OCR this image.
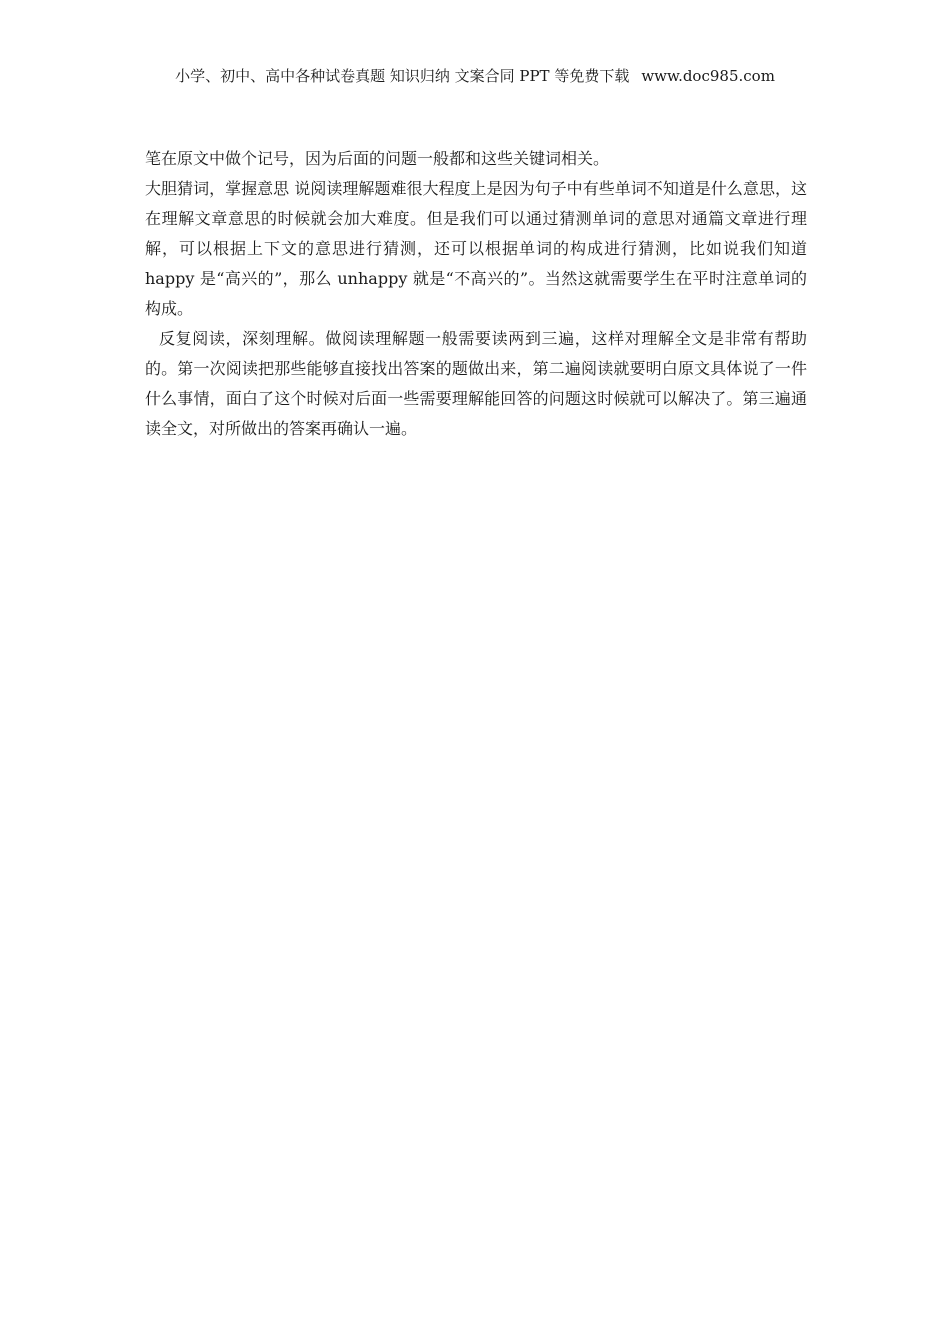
小学、初中、高中各种试卷真题 知识归纳 文案合同 PPT 等免费下载 www.doc985.com

笔在原文中做个记号，因为后面的问题一般都和这些关键词相关。

大胆猜词，掌握意思 说阅读理解题难很大程度上是因为句子中有些单词不知道是什么意思，这在理解文章意思的时候就会加大难度。但是我们可以通过猜测单词的意思对通篇文章进行理解，可以根据上下文的意思进行猜测，还可以根据单词的构成进行猜测，比如说我们知道 happy 是“高兴的”，那么 unhappy 就是“不高兴的”。当然这就需要学生在平时注意单词的构成。

反复阅读，深刻理解。做阅读理解题一般需要读两到三遍，这样对理解全文是非常有帮助的。第一次阅读把那些能够直接找出答案的题做出来，第二遍阅读就要明白原文具体说了一件什么事情，面白了这个时候对后面一些需要理解能回答的问题这时候就可以解决了。第三遍通读全文，对所做出的答案再确认一遍。
